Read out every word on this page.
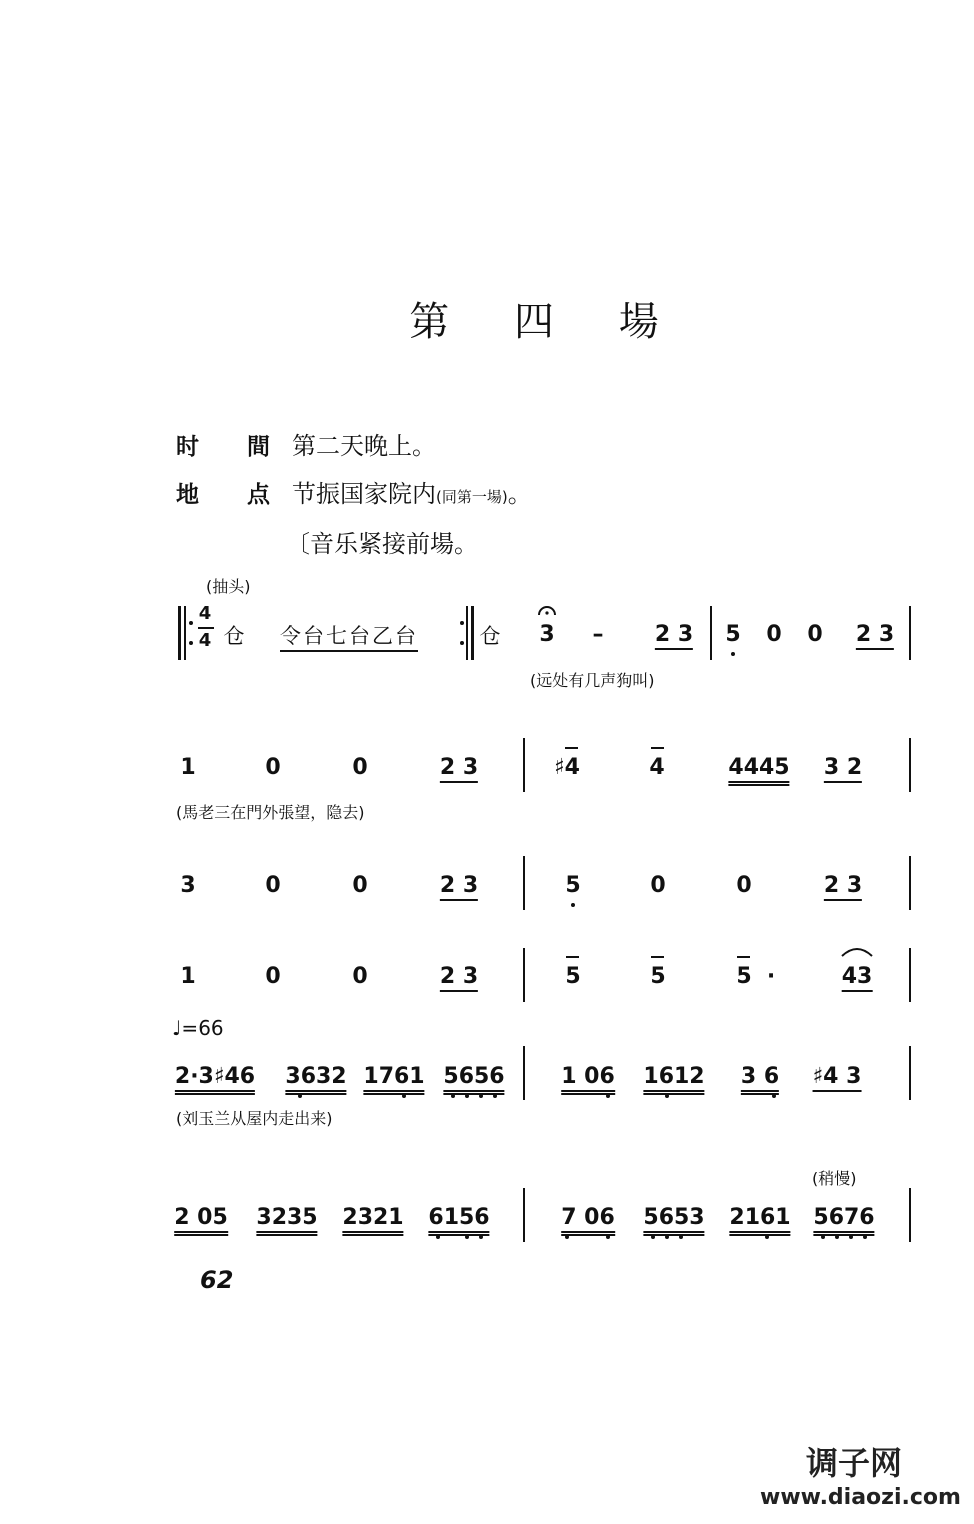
第 四 場
时 間 第二天晚上。
地 点 节振国家院内(同第一場)。
〔音乐紧接前場。
(抽头)
4
4 仓 令台七台乙台	仓 3 – 2 3 5 0 0 2 3
(远处有几声狗叫)
1	0	0	2 3	♯4	4	4445 3 2
(馬老三在門外張望，隐去)
3	0	0	2 3	5	0	0	2 3
1	0	0	2 3	5	5	5 ·	43
♩=66
2·3♯46 3632 1761 5656	1 06 1612 3 6 ♯4 3
(刘玉兰从屋内走出来)
(稍慢)
2 05 3235 2321 6156	7 06 5653 2161 5676
62
调子网
www.diaozi.com
